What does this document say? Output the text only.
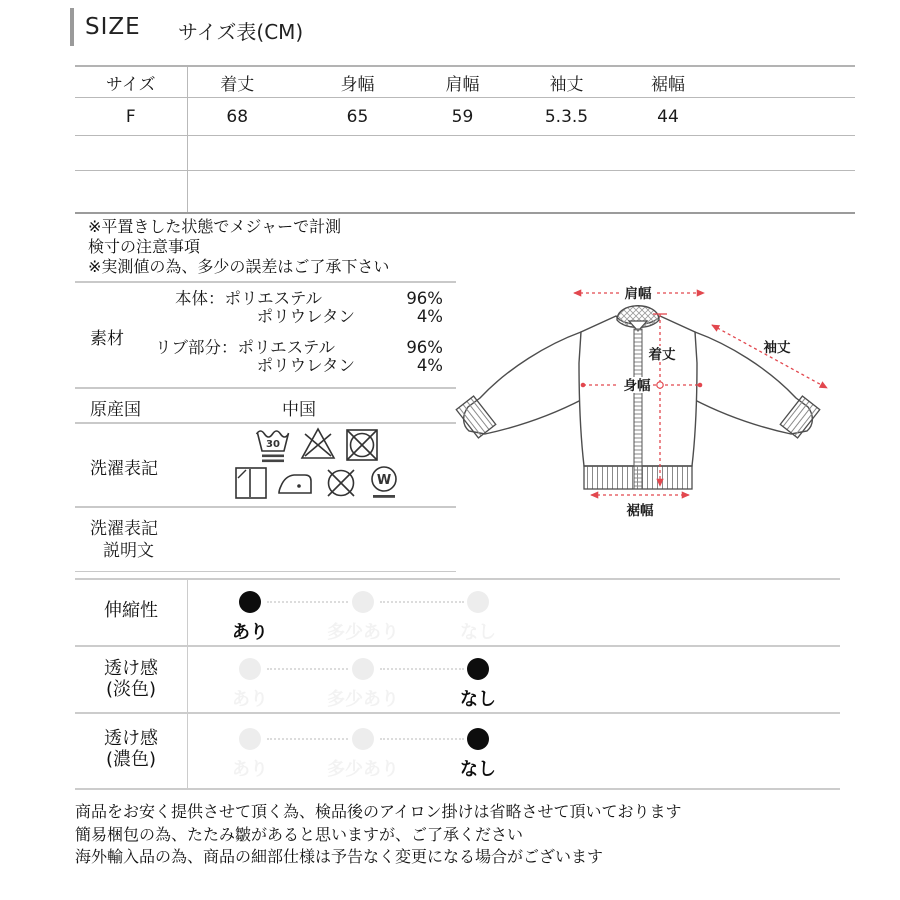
SIZE サイズ表(CM)
サイズ	着丈	身幅	肩幅	袖丈	裾幅	
F	68	65	59	5.3.5	44	

※平置きした状態でメジャーで計測
検寸の注意事項
※実測値の為、多少の誤差はご了承下さい
素材
本体：ポリエステル	96%
ポリウレタン	4%
リブ部分：ポリエステル	96%
ポリウレタン	4%
原産国	中国
洗濯表記
30
W
洗濯表記
説明文
肩幅
袖丈
着丈
身幅
裾幅
伸縮性
あり	多少あり	なし
透け感
(淡色)	あり	多少あり	なし
透け感
(濃色)	あり	多少あり	なし
商品をお安く提供させて頂く為、検品後のアイロン掛けは省略させて頂いております
簡易梱包の為、たたみ皺があると思いますが、ご了承ください
海外輸入品の為、商品の細部仕様は予告なく変更になる場合がございます
